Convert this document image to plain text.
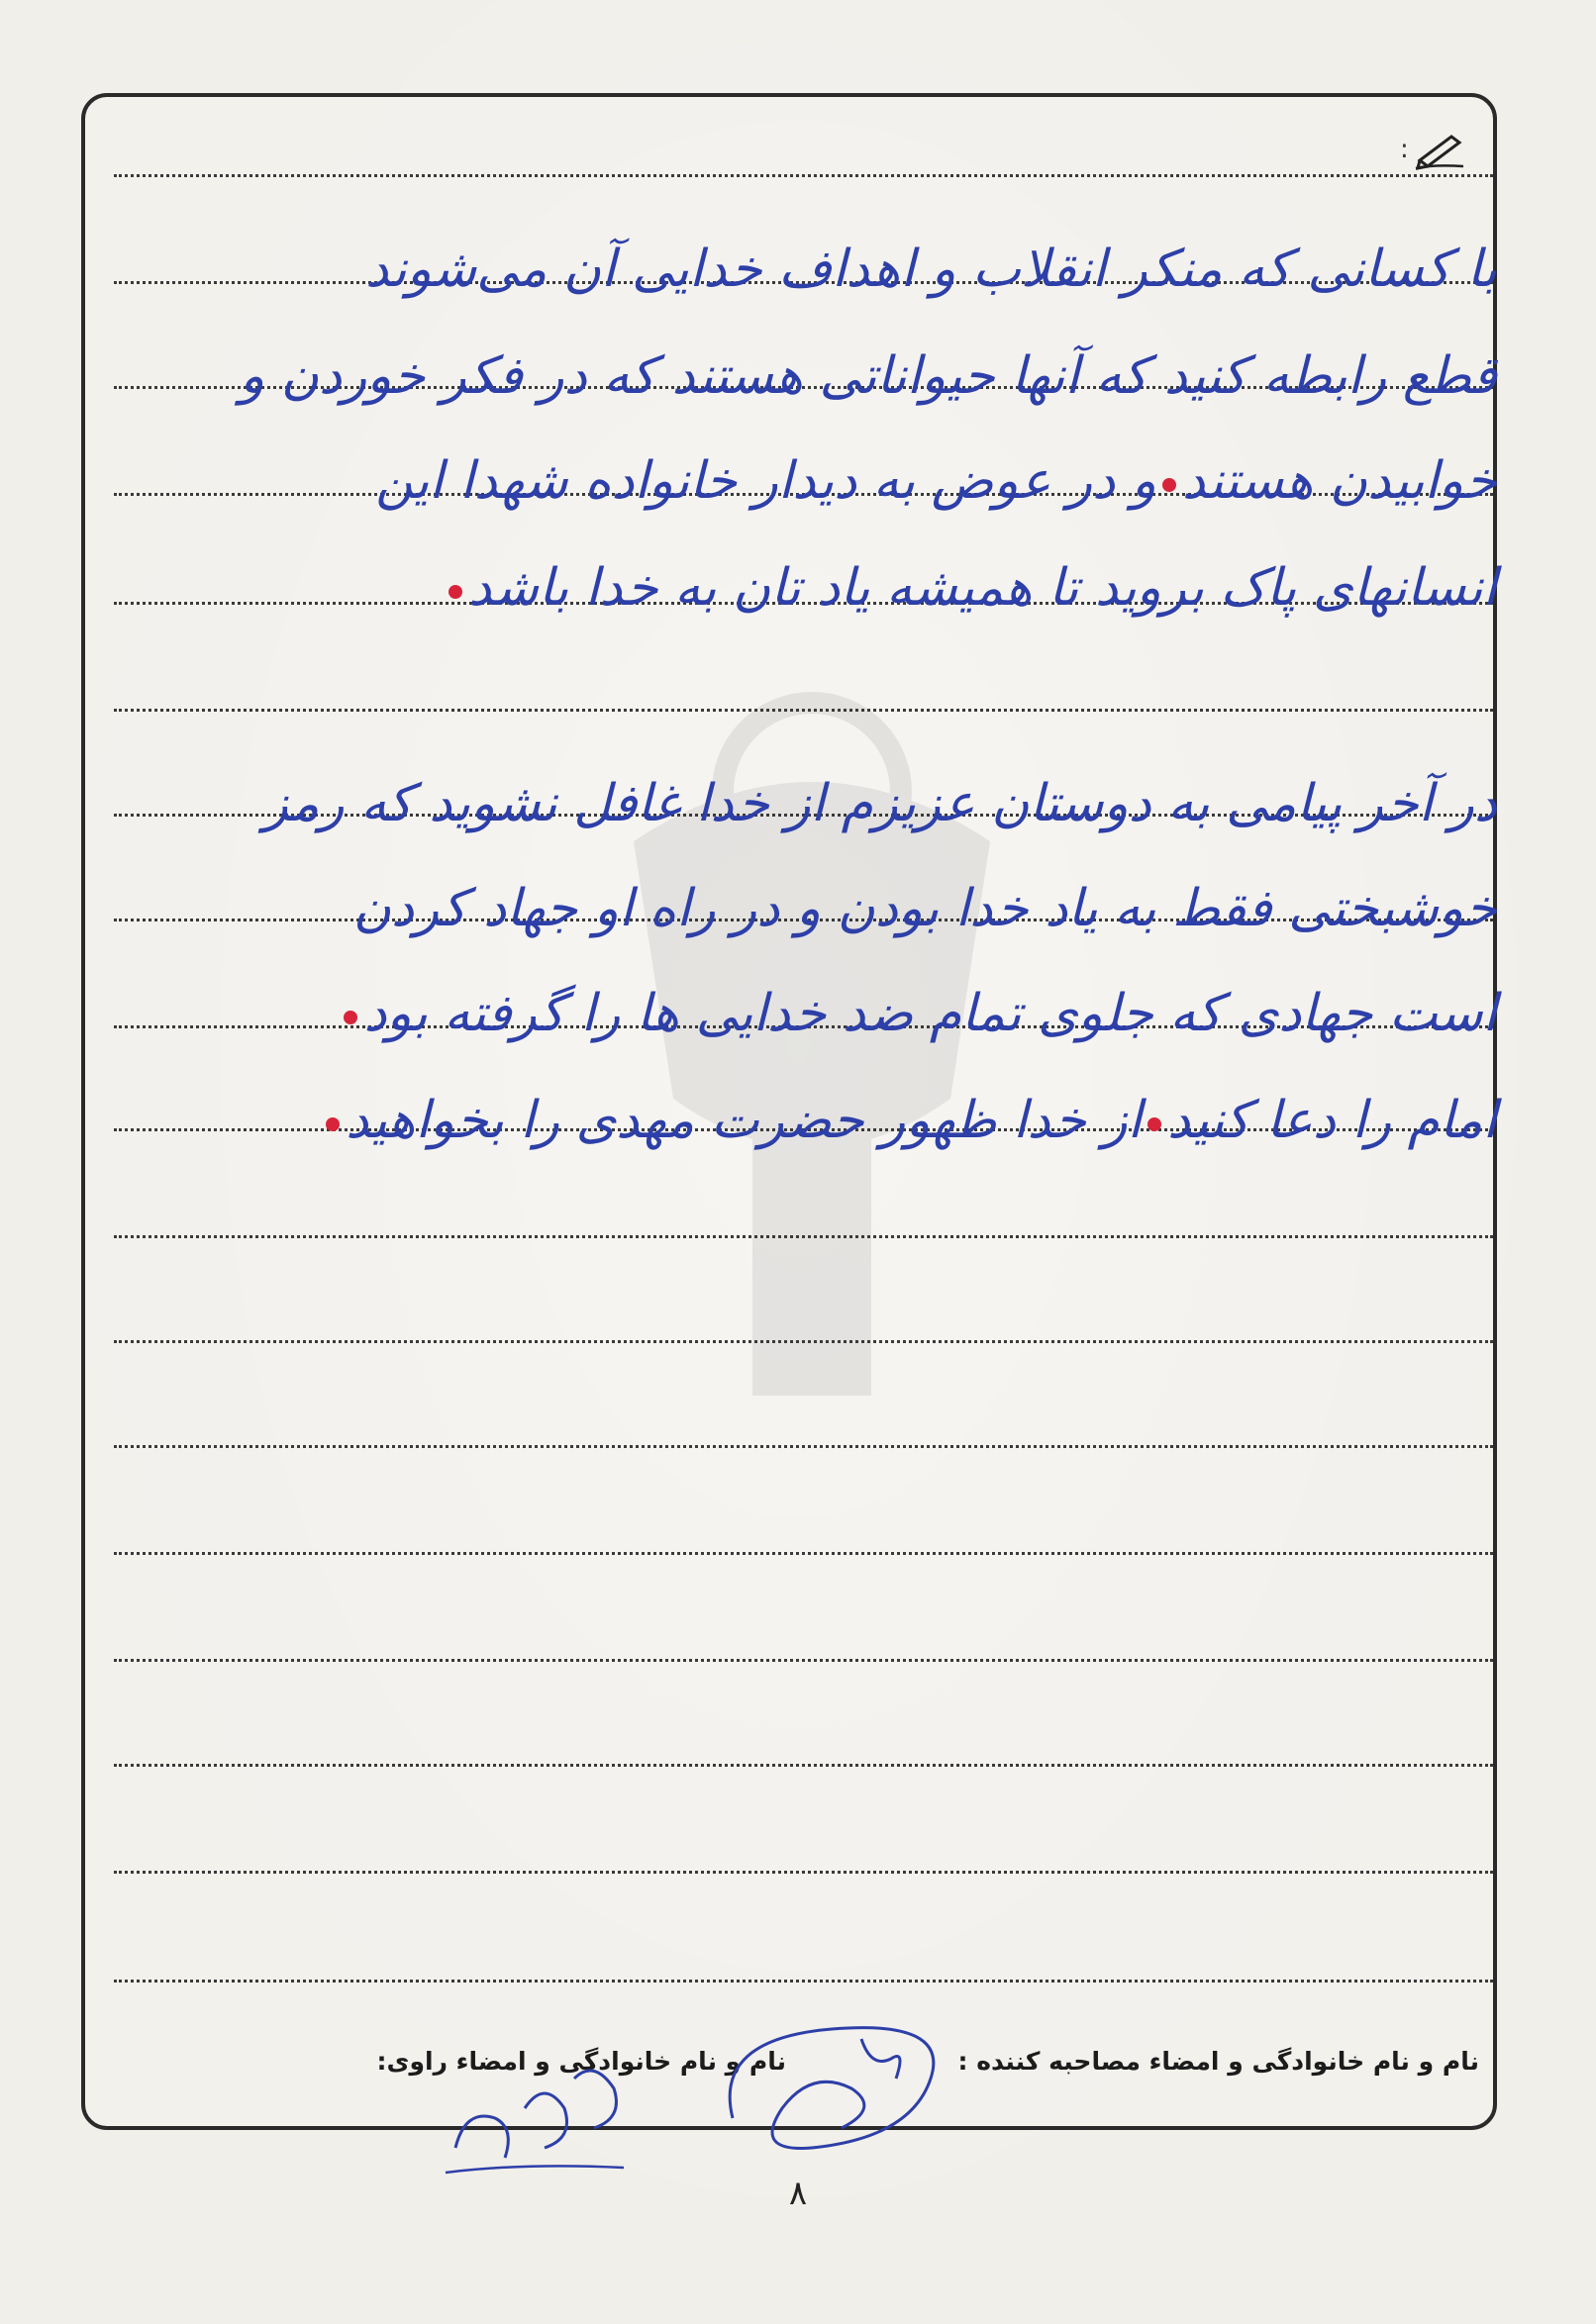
:
با کسانی که منکر انقلاب و اهداف خدایی آن می‌شوند
قطع رابطه کنید که آنها حیواناتی هستند که در فکر خوردن و
خوابیدن هستندو در عوض به دیدار خانواده شهدا این
انسانهای پاک بروید تا همیشه یاد تان به خدا باشد
در آخر پیامی به دوستان عزیزم از خدا غافل نشوید که رمز
خوشبختی فقط به یاد خدا بودن و در راه او جهاد کردن
است جهادی که جلوی تمام ضد خدایی ها را گرفته بود
امام را دعا کنیداز خدا ظهور حضرت مهدی را بخواهید
نام و نام خانوادگی و امضاء مصاحبه کننده :
نام و نام خانوادگی و امضاء راوی:
۸
